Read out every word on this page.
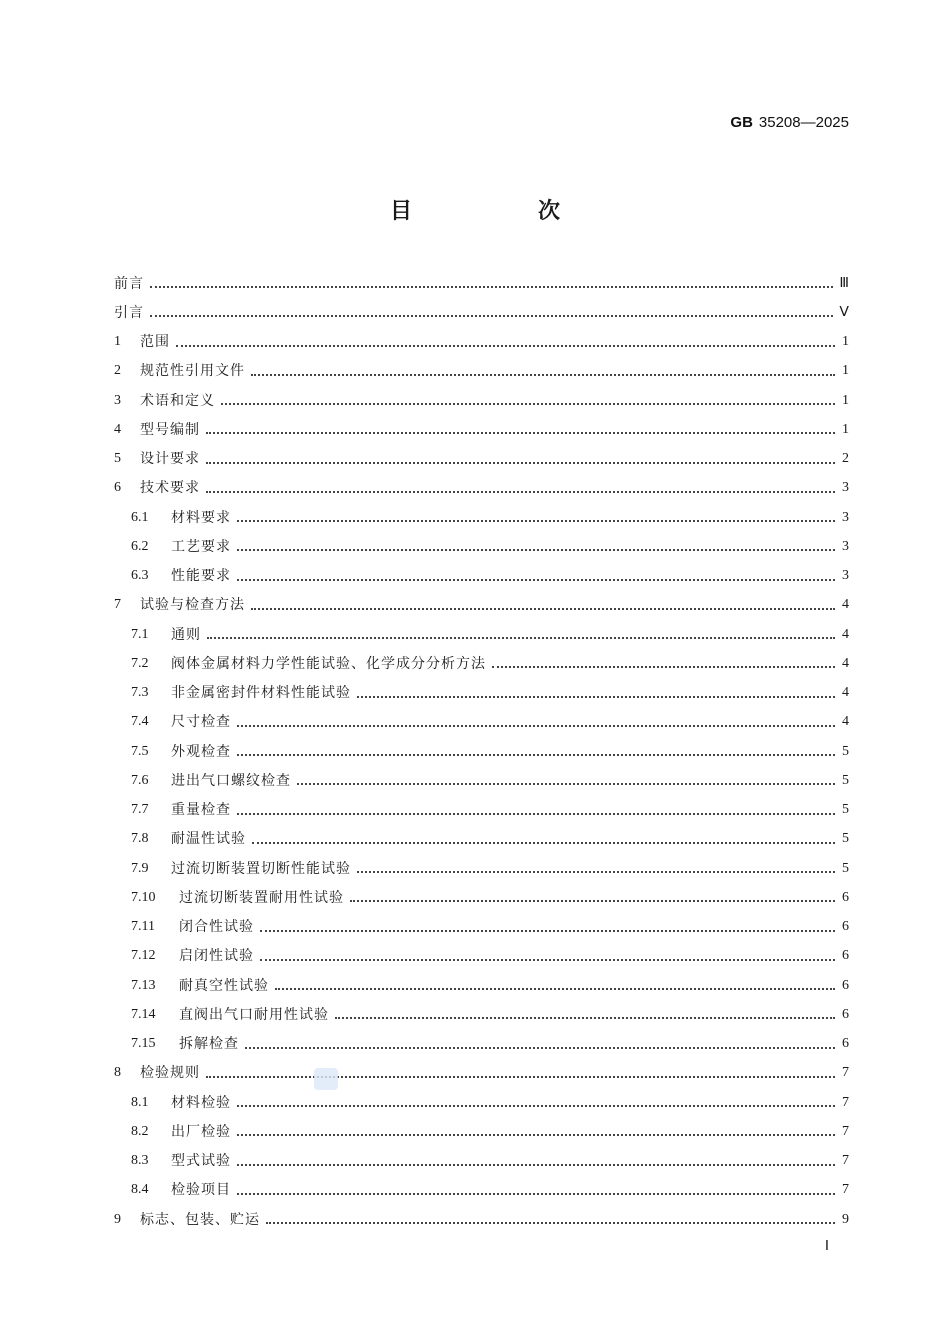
GB 35208—2025
目　次
前言	Ⅲ
引言	Ⅴ
1	范围	1
2	规范性引用文件	1
3	术语和定义	1
4	型号编制	1
5	设计要求	2
6	技术要求	3
6.1	材料要求	3
6.2	工艺要求	3
6.3	性能要求	3
7	试验与检查方法	4
7.1	通则	4
7.2	阀体金属材料力学性能试验、化学成分分析方法	4
7.3	非金属密封件材料性能试验	4
7.4	尺寸检查	4
7.5	外观检查	5
7.6	进出气口螺纹检查	5
7.7	重量检查	5
7.8	耐温性试验	5
7.9	过流切断装置切断性能试验	5
7.10	过流切断装置耐用性试验	6
7.11	闭合性试验	6
7.12	启闭性试验	6
7.13	耐真空性试验	6
7.14	直阀出气口耐用性试验	6
7.15	拆解检查	6
8	检验规则	7
8.1	材料检验	7
8.2	出厂检验	7
8.3	型式试验	7
8.4	检验项目	7
9	标志、包装、贮运	9
Ⅰ
